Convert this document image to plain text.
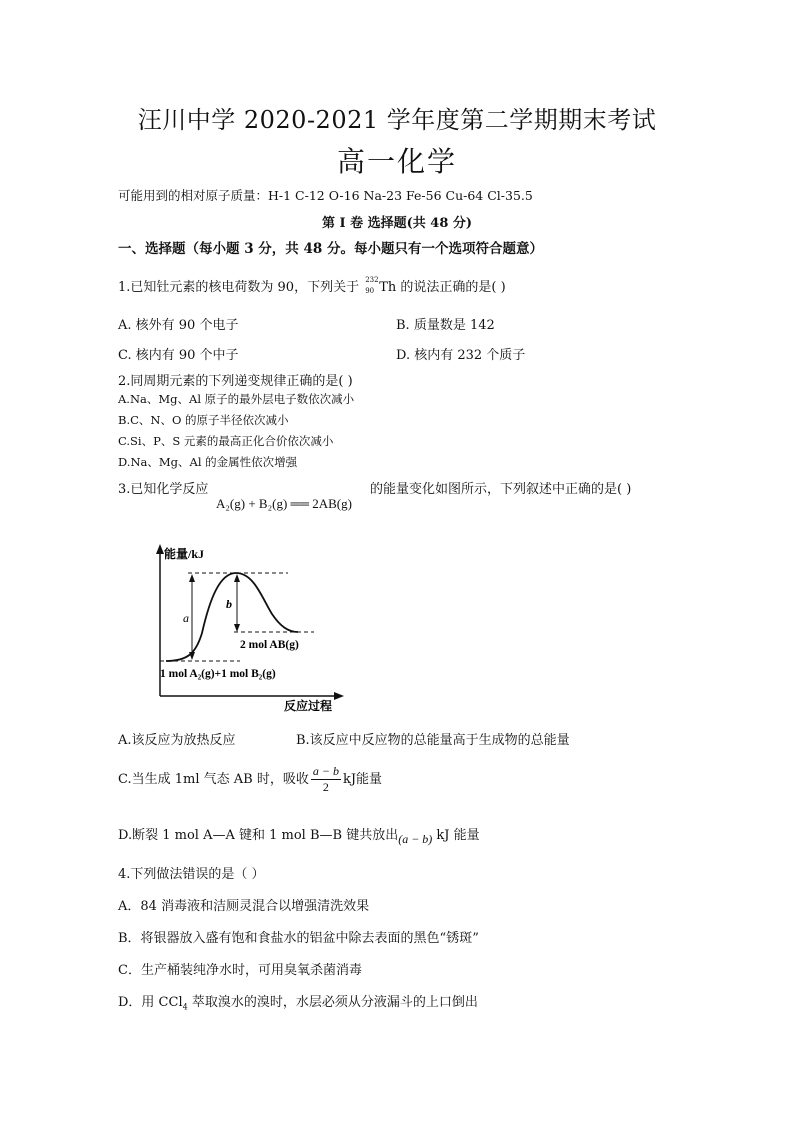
汪川中学 2020-2021 学年度第二学期期末考试
高一化学
可能用到的相对原子质量：H-1 C-12 O-16 Na-23 Fe-56 Cu-64 Cl-35.5
第 I 卷 选择题(共 48 分)
一、选择题（每小题 3 分，共 48 分。每小题只有一个选项符合题意）
1.已知钍元素的核电荷数为 90，下列关于
232
90 Th 的说法正确的是( )
A. 核外有 90 个电子	B. 质量数是 142
C. 核内有 90 个中子	D. 核内有 232 个质子
2.同周期元素的下列递变规律正确的是( )
A.Na、Mg、Al 原子的最外层电子数依次减小
B.C、N、O 的原子半径依次减小
C.Si、P、S 元素的最高正化合价依次减小
D.Na、Mg、Al 的金属性依次增强
3.已知化学反应	的能量变化如图所示，下列叙述中正确的是( )
A₂(g) + B₂(g) ══ 2AB(g)
a
b
能量/kJ
2 mol AB(g)
1 mol A₂(g)+1 mol B₂(g)
反应过程
A.该反应为放热反应	B.该反应中反应物的总能量高于生成物的总能量
C.当生成 1ml 气态 AB 时，吸收 $\frac{a - b}{2}$ kJ能量
D.断裂 1 mol A—A 键和 1 mol B—B 键共放出(a − b) kJ 能量
4.下列做法错误的是（ ）
A．84 消毒液和洁厕灵混合以增强清洗效果
B．将银器放入盛有饱和食盐水的铝盆中除去表面的黑色“锈斑”
C．生产桶装纯净水时，可用臭氧杀菌消毒
D．用 CCl$_4$ 萃取溴水的溴时，水层必须从分液漏斗的上口倒出
